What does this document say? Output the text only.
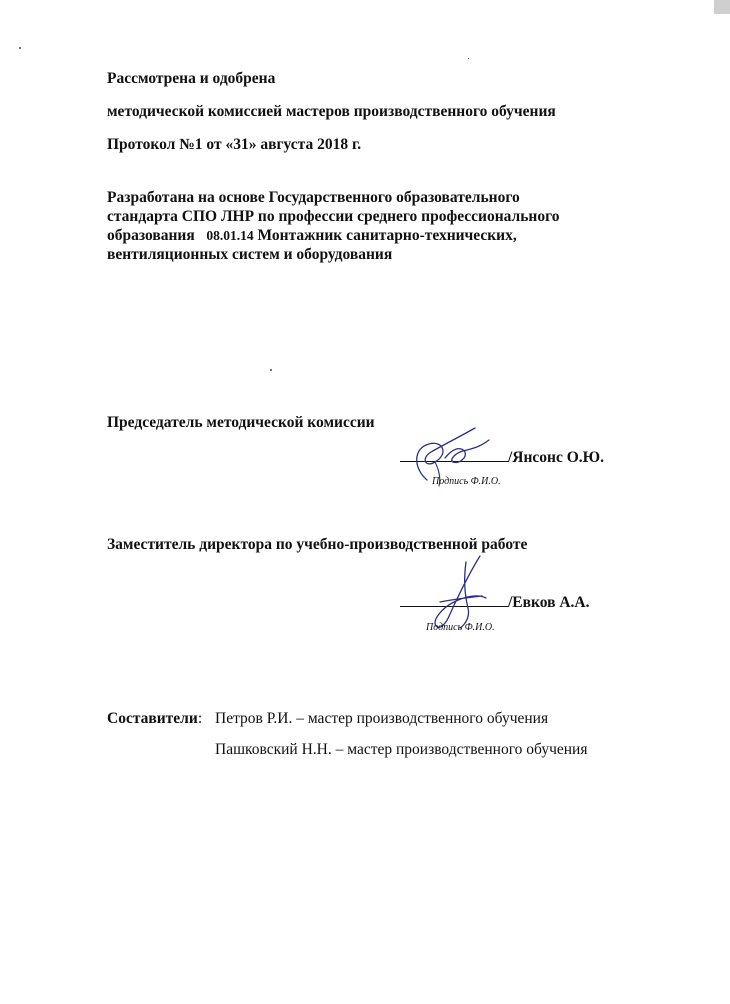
Рассмотрена и одобрена
методической комиссией мастеров производственного обучения
Протокол №1 от «31» августа 2018 г.
Разработана на основе Государственного образовательного
стандарта СПО ЛНР по профессии среднего профессионального
образования   08.01.14 Монтажник санитарно-технических,
вентиляционных систем и оборудования
Председатель методической комиссии
/Янсонс О.Ю.
Подпись Ф.И.О.
Заместитель директора по учебно-производственной работе
/Евков А.А.
Подпись Ф.И.О.
Составители: Петров Р.И. – мастер производственного обучения
Пашковский Н.Н. – мастер производственного обучения
